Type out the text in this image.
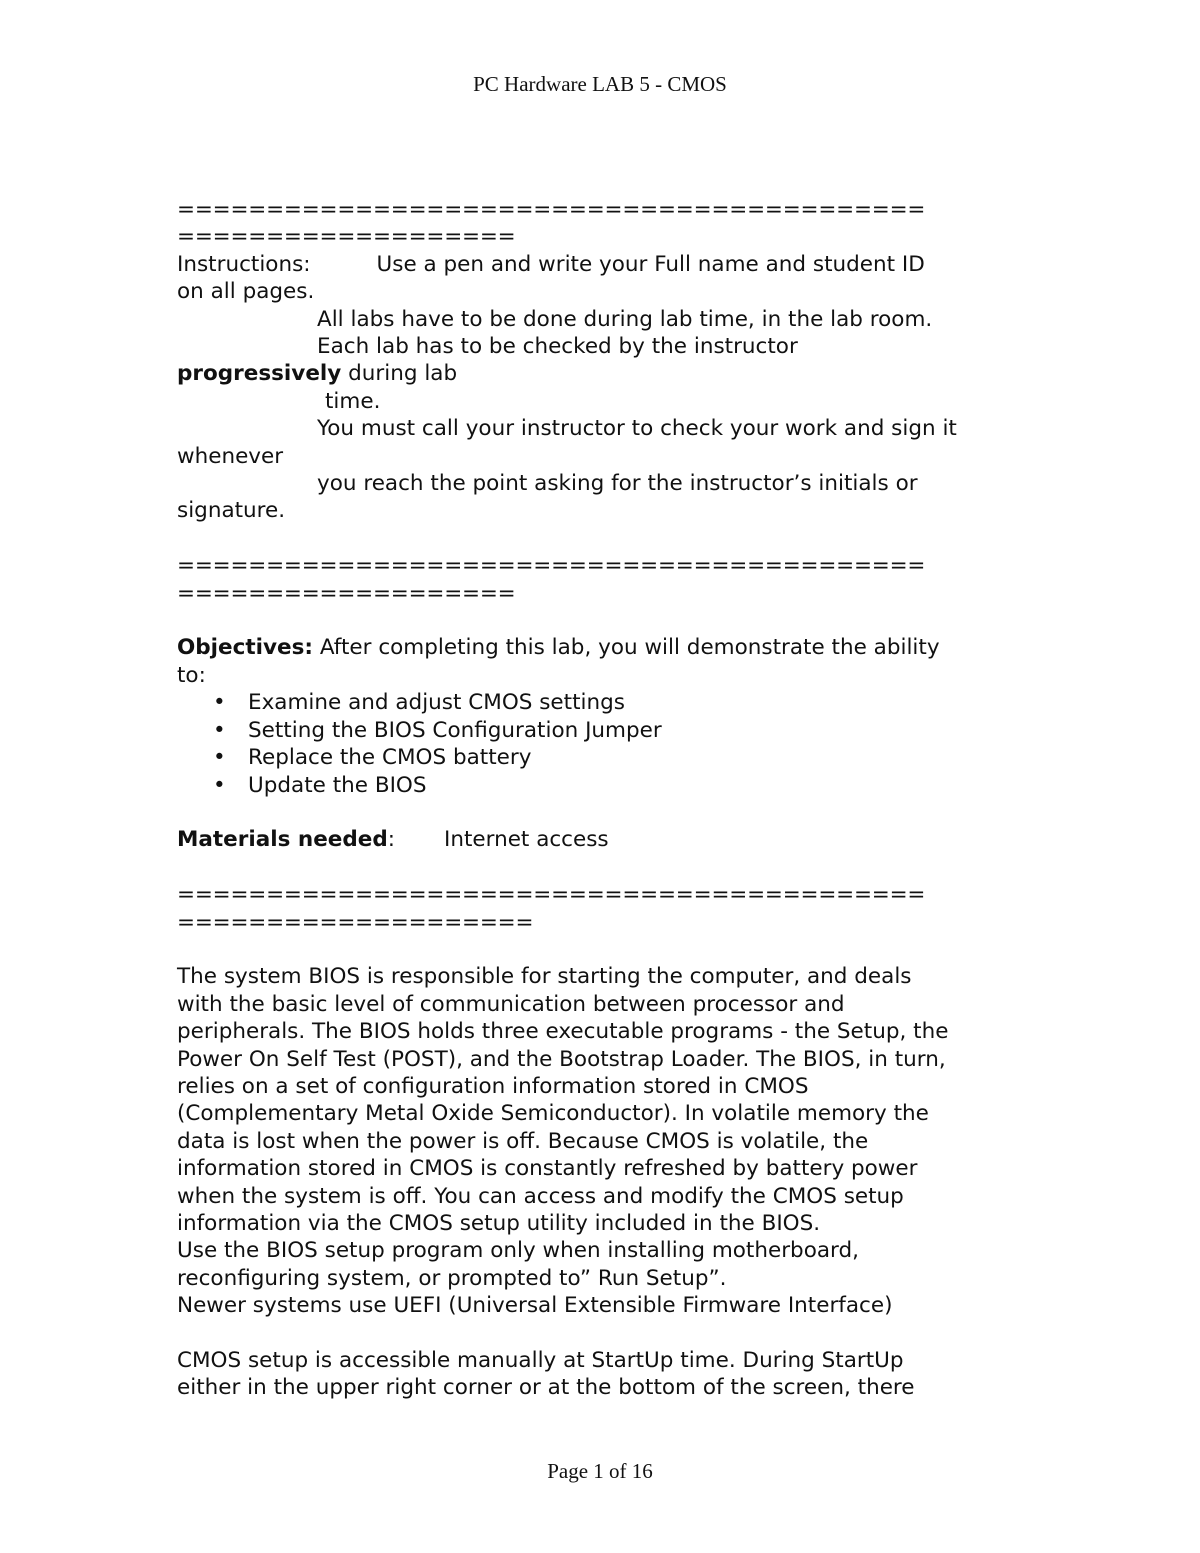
PC Hardware LAB 5 - CMOS
==========================================
===================
Instructions:	Use a pen and write your Full name and student ID
on all pages.
All labs have to be done during lab time, in the lab room.
Each lab has to be checked by the instructor
progressively during lab
time.
You must call your instructor to check your work and sign it
whenever
you reach the point asking for the instructor’s initials or
signature.
==========================================
===================
Objectives: After completing this lab, you will demonstrate the ability
to:
• Examine and adjust CMOS settings
• Setting the BIOS Configuration Jumper
• Replace the CMOS battery
• Update the BIOS
Materials needed: Internet access
==========================================
====================
The system BIOS is responsible for starting the computer, and deals
with the basic level of communication between processor and
peripherals. The BIOS holds three executable programs - the Setup, the
Power On Self Test (POST), and the Bootstrap Loader. The BIOS, in turn,
relies on a set of configuration information stored in CMOS
(Complementary Metal Oxide Semiconductor). In volatile memory the
data is lost when the power is off. Because CMOS is volatile, the
information stored in CMOS is constantly refreshed by battery power
when the system is off. You can access and modify the CMOS setup
information via the CMOS setup utility included in the BIOS.
Use the BIOS setup program only when installing motherboard,
reconfiguring system, or prompted to” Run Setup”.
Newer systems use UEFI (Universal Extensible Firmware Interface)
CMOS setup is accessible manually at StartUp time. During StartUp
either in the upper right corner or at the bottom of the screen, there
Page 1 of 16
